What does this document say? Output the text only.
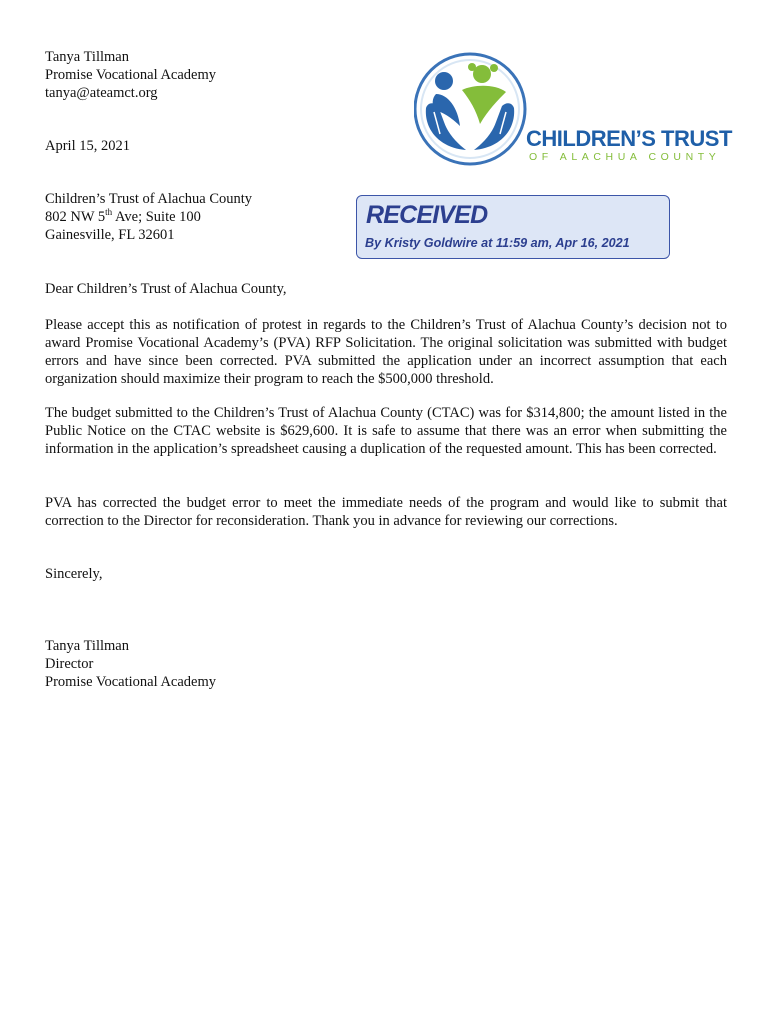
Tanya Tillman
Promise Vocational Academy
tanya@ateamct.org
April 15, 2021
Children’s Trust of Alachua County
802 NW 5th Ave; Suite 100
Gainesville, FL 32601
CHILDREN’S TRUST
OF ALACHUA COUNTY
RECEIVED
By Kristy Goldwire at 11:59 am, Apr 16, 2021
Dear Children’s Trust of Alachua County,

Please accept this as notification of protest in regards to the Children’s Trust of Alachua County’s decision not to award Promise Vocational Academy’s (PVA) RFP Solicitation. The original solicitation was submitted with budget errors and have since been corrected. PVA submitted the application under an incorrect assumption that each organization should maximize their program to reach the $500,000 threshold.

The budget submitted to the Children’s Trust of Alachua County (CTAC) was for $314,800; the amount listed in the Public Notice on the CTAC website is $629,600. It is safe to assume that there was an error when submitting the information in the application’s spreadsheet causing a duplication of the requested amount. This has been corrected.

PVA has corrected the budget error to meet the immediate needs of the program and would like to submit that correction to the Director for reconsideration. Thank you in advance for reviewing our corrections.

Sincerely,
Tanya Tillman
Director
Promise Vocational Academy
